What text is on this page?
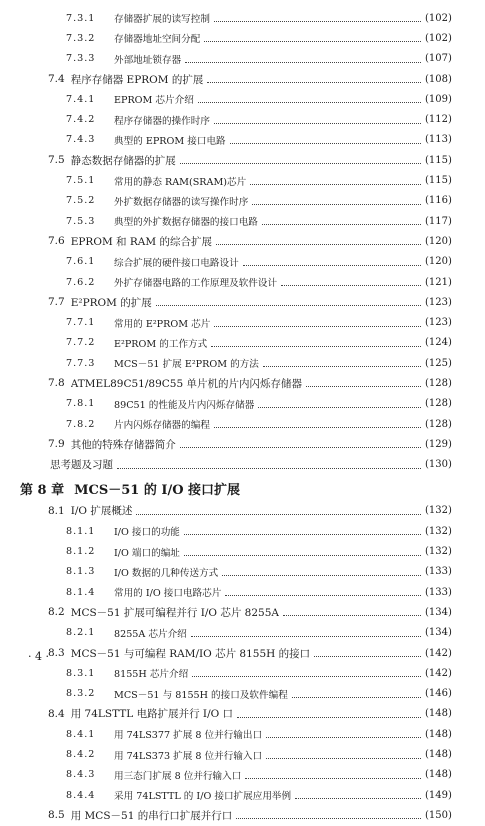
7.3.1	存储器扩展的读写控制	(102)
7.3.2	存储器地址空间分配	(102)
7.3.3	外部地址锁存器	(107)
7.4 程序存储器 EPROM 的扩展	(108)
7.4.1	EPROM 芯片介绍	(109)
7.4.2	程序存储器的操作时序	(112)
7.4.3	典型的 EPROM 接口电路	(113)
7.5 静态数据存储器的扩展	(115)
7.5.1	常用的静态 RAM(SRAM)芯片	(115)
7.5.2	外扩数据存储器的读写操作时序	(116)
7.5.3	典型的外扩数据存储器的接口电路	(117)
7.6 EPROM 和 RAM 的综合扩展	(120)
7.6.1	综合扩展的硬件接口电路设计	(120)
7.6.2	外扩存储器电路的工作原理及软件设计	(121)
7.7 E²PROM 的扩展	(123)
7.7.1	常用的 E²PROM 芯片	(123)
7.7.2	E²PROM 的工作方式	(124)
7.7.3	MCS－51 扩展 E²PROM 的方法	(125)
7.8 ATMEL89C51/89C55 单片机的片内闪烁存储器	(128)
7.8.1	89C51 的性能及片内闪烁存储器	(128)
7.8.2	片内闪烁存储器的编程	(128)
7.9 其他的特殊存储器简介	(129)
思考题及习题	(130)
第 8 章 MCS－51 的 I/O 接口扩展
8.1 I/O 扩展概述	(132)
8.1.1	I/O 接口的功能	(132)
8.1.2	I/O 端口的编址	(132)
8.1.3	I/O 数据的几种传送方式	(133)
8.1.4	常用的 I/O 接口电路芯片	(133)
8.2 MCS－51 扩展可编程并行 I/O 芯片 8255A	(134)
8.2.1	8255A 芯片介绍	(134)
8.3 MCS－51 与可编程 RAM/IO 芯片 8155H 的接口	(142)
8.3.1	8155H 芯片介绍	(142)
8.3.2	MCS－51 与 8155H 的接口及软件编程	(146)
8.4 用 74LSTTL 电路扩展并行 I/O 口	(148)
8.4.1	用 74LS377 扩展 8 位并行输出口	(148)
8.4.2	用 74LS373 扩展 8 位并行输入口	(148)
8.4.3	用三态门扩展 8 位并行输入口	(148)
8.4.4	采用 74LSTTL 的 I/O 接口扩展应用举例	(149)
8.5 用 MCS－51 的串行口扩展并行口	(150)
· 4 ·
